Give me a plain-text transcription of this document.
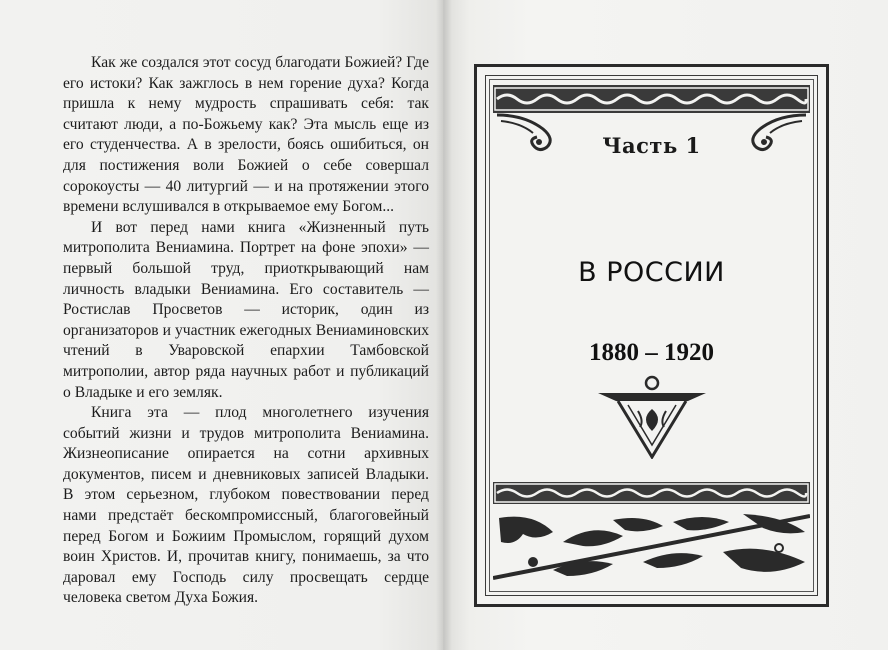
Как же создался этот сосуд благодати Божией? Где его истоки? Как зажглось в нем горение духа? Когда пришла к нему мудрость спрашивать себя: так считают люди, а по-Божьему как? Эта мысль еще из его студенчества. А в зрелости, боясь ошибиться, он для постижения воли Божией о себе совершал сорокоусты — 40 литургий — и на протяжении этого времени вслушивался в открываемое ему Богом...

И вот перед нами книга «Жизненный путь митрополита Вениамина. Портрет на фоне эпохи» — первый большой труд, приоткрывающий нам личность владыки Вениамина. Его составитель — Ростислав Просветов — историк, один из организаторов и участник ежегодных Вениаминовских чтений в Уваровской епархии Тамбовской митрополии, автор ряда научных работ и публикаций о Владыке и его земляк.

Книга эта — плод многолетнего изучения событий жизни и трудов митрополита Вениамина. Жизнеописание опирается на сотни архивных документов, писем и дневниковых записей Владыки. В этом серьезном, глубоком повествовании перед нами предстаёт бескомпромиссный, благоговейный перед Богом и Божиим Промыслом, горящий духом воин Христов. И, прочитав книгу, понимаешь, за что даровал ему Господь силу просвещать сердце человека светом Духа Божия.

Часть 1
В РОССИИ
1880 – 1920
